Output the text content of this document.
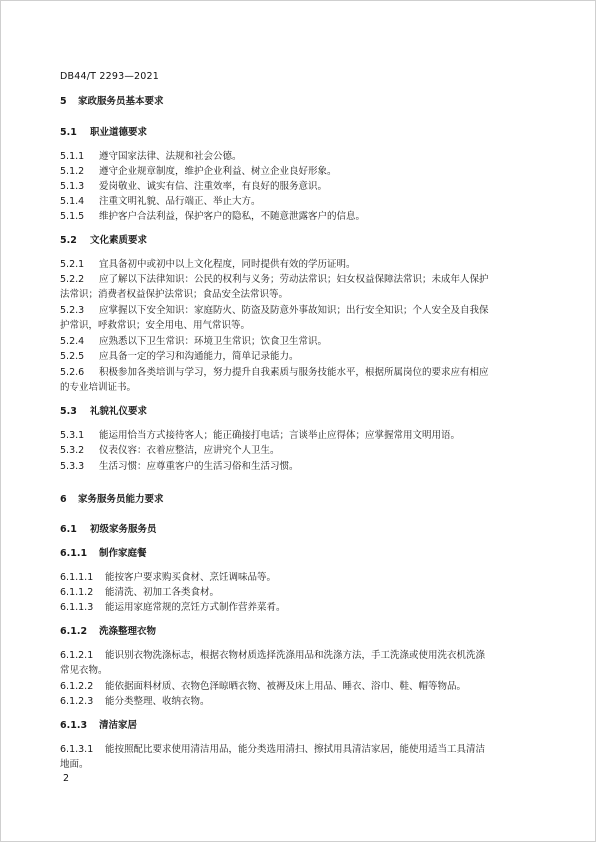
DB44/T 2293—2021
5 家政服务员基本要求
5.1 职业道德要求
5.1.1 遵守国家法律、法规和社会公德。
5.1.2 遵守企业规章制度，维护企业利益、树立企业良好形象。
5.1.3 爱岗敬业、诚实有信、注重效率，有良好的服务意识。
5.1.4 注重文明礼貌、品行端正、举止大方。
5.1.5 维护客户合法利益，保护客户的隐私，不随意泄露客户的信息。
5.2 文化素质要求
5.2.1 宜具备初中或初中以上文化程度，同时提供有效的学历证明。
5.2.2 应了解以下法律知识：公民的权利与义务；劳动法常识；妇女权益保障法常识；未成年人保护
法常识；消费者权益保护法常识；食品安全法常识等。
5.2.3 应掌握以下安全知识：家庭防火、防盗及防意外事故知识；出行安全知识；个人安全及自我保
护常识，呼救常识；安全用电、用气常识等。
5.2.4 应熟悉以下卫生常识：环境卫生常识；饮食卫生常识。
5.2.5 应具备一定的学习和沟通能力，简单记录能力。
5.2.6 积极参加各类培训与学习，努力提升自我素质与服务技能水平，根据所属岗位的要求应有相应
的专业培训证书。
5.3 礼貌礼仪要求
5.3.1 能运用恰当方式接待客人；能正确接打电话；言谈举止应得体；应掌握常用文明用语。
5.3.2 仪表仪容：衣着应整洁，应讲究个人卫生。
5.3.3 生活习惯：应尊重客户的生活习俗和生活习惯。
6 家务服务员能力要求
6.1 初级家务服务员
6.1.1 制作家庭餐
6.1.1.1 能按客户要求购买食材、烹饪调味品等。
6.1.1.2 能清洗、初加工各类食材。
6.1.1.3 能运用家庭常规的烹饪方式制作营养菜肴。
6.1.2 洗涤整理衣物
6.1.2.1 能识别衣物洗涤标志，根据衣物材质选择洗涤用品和洗涤方法，手工洗涤或使用洗衣机洗涤
常见衣物。
6.1.2.2 能依据面料材质、衣物色泽晾晒衣物、被褥及床上用品、睡衣、浴巾、鞋、帽等物品。
6.1.2.3 能分类整理、收纳衣物。
6.1.3 清洁家居
6.1.3.1 能按照配比要求使用清洁用品，能分类选用清扫、擦拭用具清洁家居，能使用适当工具清洁
地面。
2
